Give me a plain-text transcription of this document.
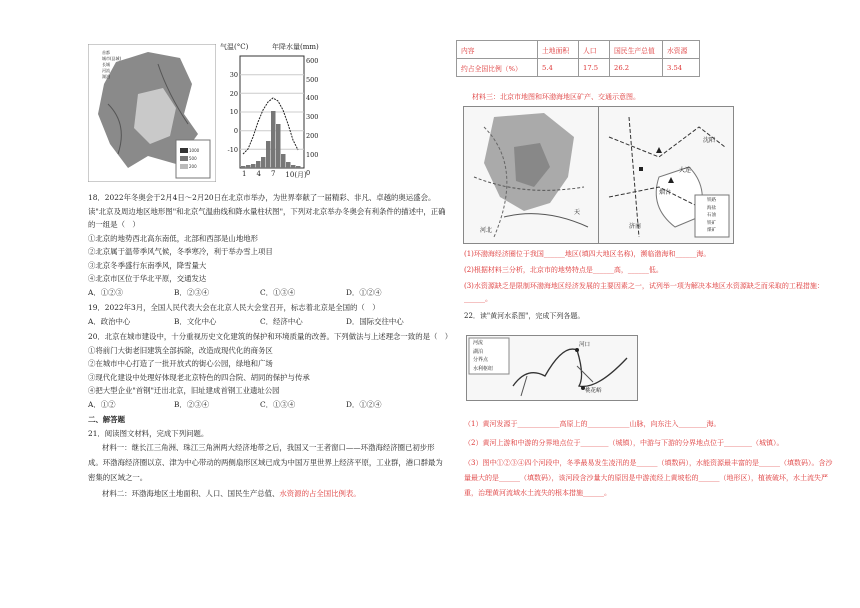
1000
500
200
首都
城市(县城)
长城
河流
湖泊
气温(°C)	年降水量(mm)
30
20
10
0
-10
600
500
400
300
200
100
0
1 4 7 10(月)

18．2022年冬奥会于2月4日～2月20日在北京市举办，为世界奉献了一届精彩、非凡、卓越的奥运盛会。读"北京及周边地区地形图"和北京气温曲线和降水量柱状图"，下列对北京举办冬奥会有利条件的描述中，正确的一组是（　）

①北京的地势西北高东南低，北部和西部是山地地形

②北京属于温带季风气候，冬季寒冷，利于举办雪上项目

③北京冬季盛行东南季风，降雪量大

④北京市区位于华北平原，交通发达

A．①②③	B．②③④	C．①③④	D．①②④

19．2022年3月，全国人民代表大会在北京人民大会堂召开，标志着北京是全国的（　）

A．政治中心	B．文化中心	C．经济中心	D．国际交往中心

20．北京在城市建设中，十分重视历史文化建筑的保护和环境质量的改善。下列做法与上述理念一致的是（　）

①将前门大街老旧建筑全部拆除，改造成现代化的商务区

②在城市中心打造了一批开放式的街心公园，绿地和广场

③现代化建设中处理好体现老北京特色的四合院、胡同的保护与传承

④把大型企业"首钢"迁出北京，旧址建成首钢工业遗址公园

A．①②	B．②③④	C．①③④	D．①②④
二、解答题

21．阅读图文材料，完成下列问题。

材料一：继长江三角洲、珠江三角洲两大经济地带之后，我国又一王者窗口——环渤海经济圈已初步形成。环渤海经济圈以京、津为中心带动的两侧扇形区域已成为中国万里世界上经济平原，工业群，港口群最为密集的区域之一。

材料二：环渤海地区土地面积、人口、国民生产总值、水资源的占全国比例表。

内容	土地面积	人口	国民生产总值	水资源
约占全国比例（%）	5.4	17.5	26.2	3.54

材料三：北京市地图和环渤海地区矿产、交通示意图。

河北
天
沈阳
济南
烟台
大连
铁路
海盐
石油
铁矿
煤矿

(1)环渤海经济圈位于我国______地区(填四大地区名称)，濒临渤海和______海。

(2)根据材料三分析，北京市的地势特点是______高，______低。

(3)水资源缺乏是限制环渤海地区经济发展的主要因素之一，试列举一项为解决本地区水资源缺乏而采取的工程措施：______。

22．读"黄河水系图"，完成下列各题。

河流
湖泊
分界点
水利枢纽
河口
桃花峪

（1）黄河发源于____________高原上的____________山脉，向东注入________海。

（2）黄河上游和中游的分界地点位于________（城镇），中游与下游的分界地点位于________（城镇）。

（3）图中①②③④四个河段中，冬季最易发生凌汛的是______（填数码），水能资源最丰富的是______（填数码）。含沙量最大的是______（填数码），该河段含沙量大的原因是中游流经上黄坡松的______（地形区），植被破坏，水土流失严重，治理黄河流域水土流失的根本措施______。
